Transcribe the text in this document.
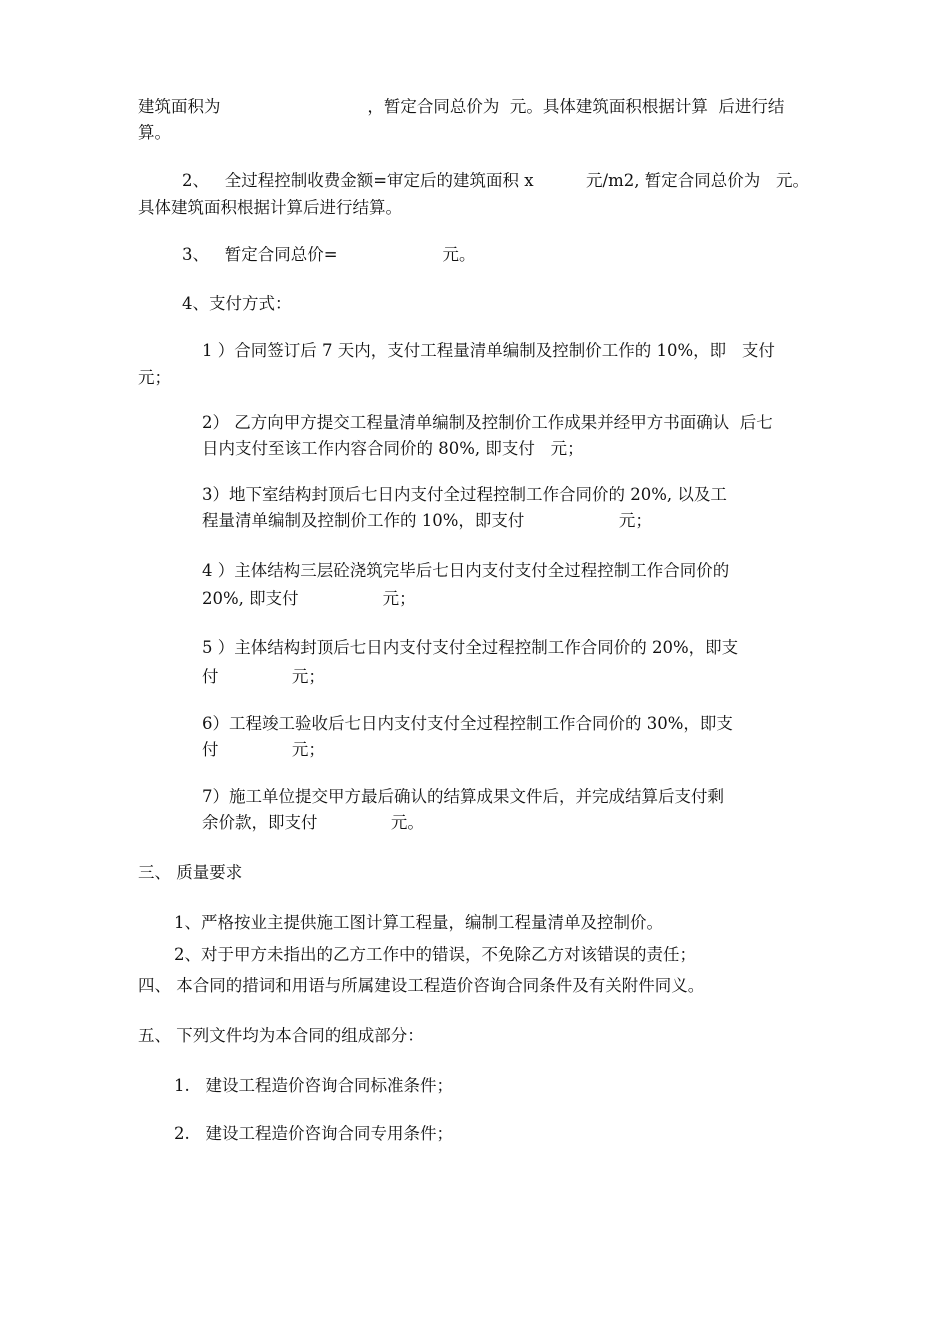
建筑面积为                            ，暂定合同总价为  元。具体建筑面积根据计算  后进行结
算。
2、   全过程控制收费金额=审定后的建筑面积 x          元/m2, 暂定合同总价为   元。
具体建筑面积根据计算后进行结算。
3、   暂定合同总价=                    元。
4、支付方式：
1 ）合同签订后 7 天内，支付工程量清单编制及控制价工作的 10%，即   支付
元；
2） 乙方向甲方提交工程量清单编制及控制价工作成果并经甲方书面确认  后七
日内支付至该工作内容合同价的 80%, 即支付   元；
3）地下室结构封顶后七日内支付全过程控制工作合同价的 20%, 以及工
程量清单编制及控制价工作的 10%，即支付                  元；
4 ）主体结构三层砼浇筑完毕后七日内支付支付全过程控制工作合同价的
20%, 即支付                元；
5 ）主体结构封顶后七日内支付支付全过程控制工作合同价的 20%，即支
付              元；
6）工程竣工验收后七日内支付支付全过程控制工作合同价的 30%，即支
付              元；
7）施工单位提交甲方最后确认的结算成果文件后，并完成结算后支付剩
余价款，即支付              元。
三、 质量要求
1、严格按业主提供施工图计算工程量，编制工程量清单及控制价。
2、对于甲方未指出的乙方工作中的错误，不免除乙方对该错误的责任；
四、 本合同的措词和用语与所属建设工程造价咨询合同条件及有关附件同义。
五、 下列文件均为本合同的组成部分：
1.   建设工程造价咨询合同标准条件；
2.   建设工程造价咨询合同专用条件；
